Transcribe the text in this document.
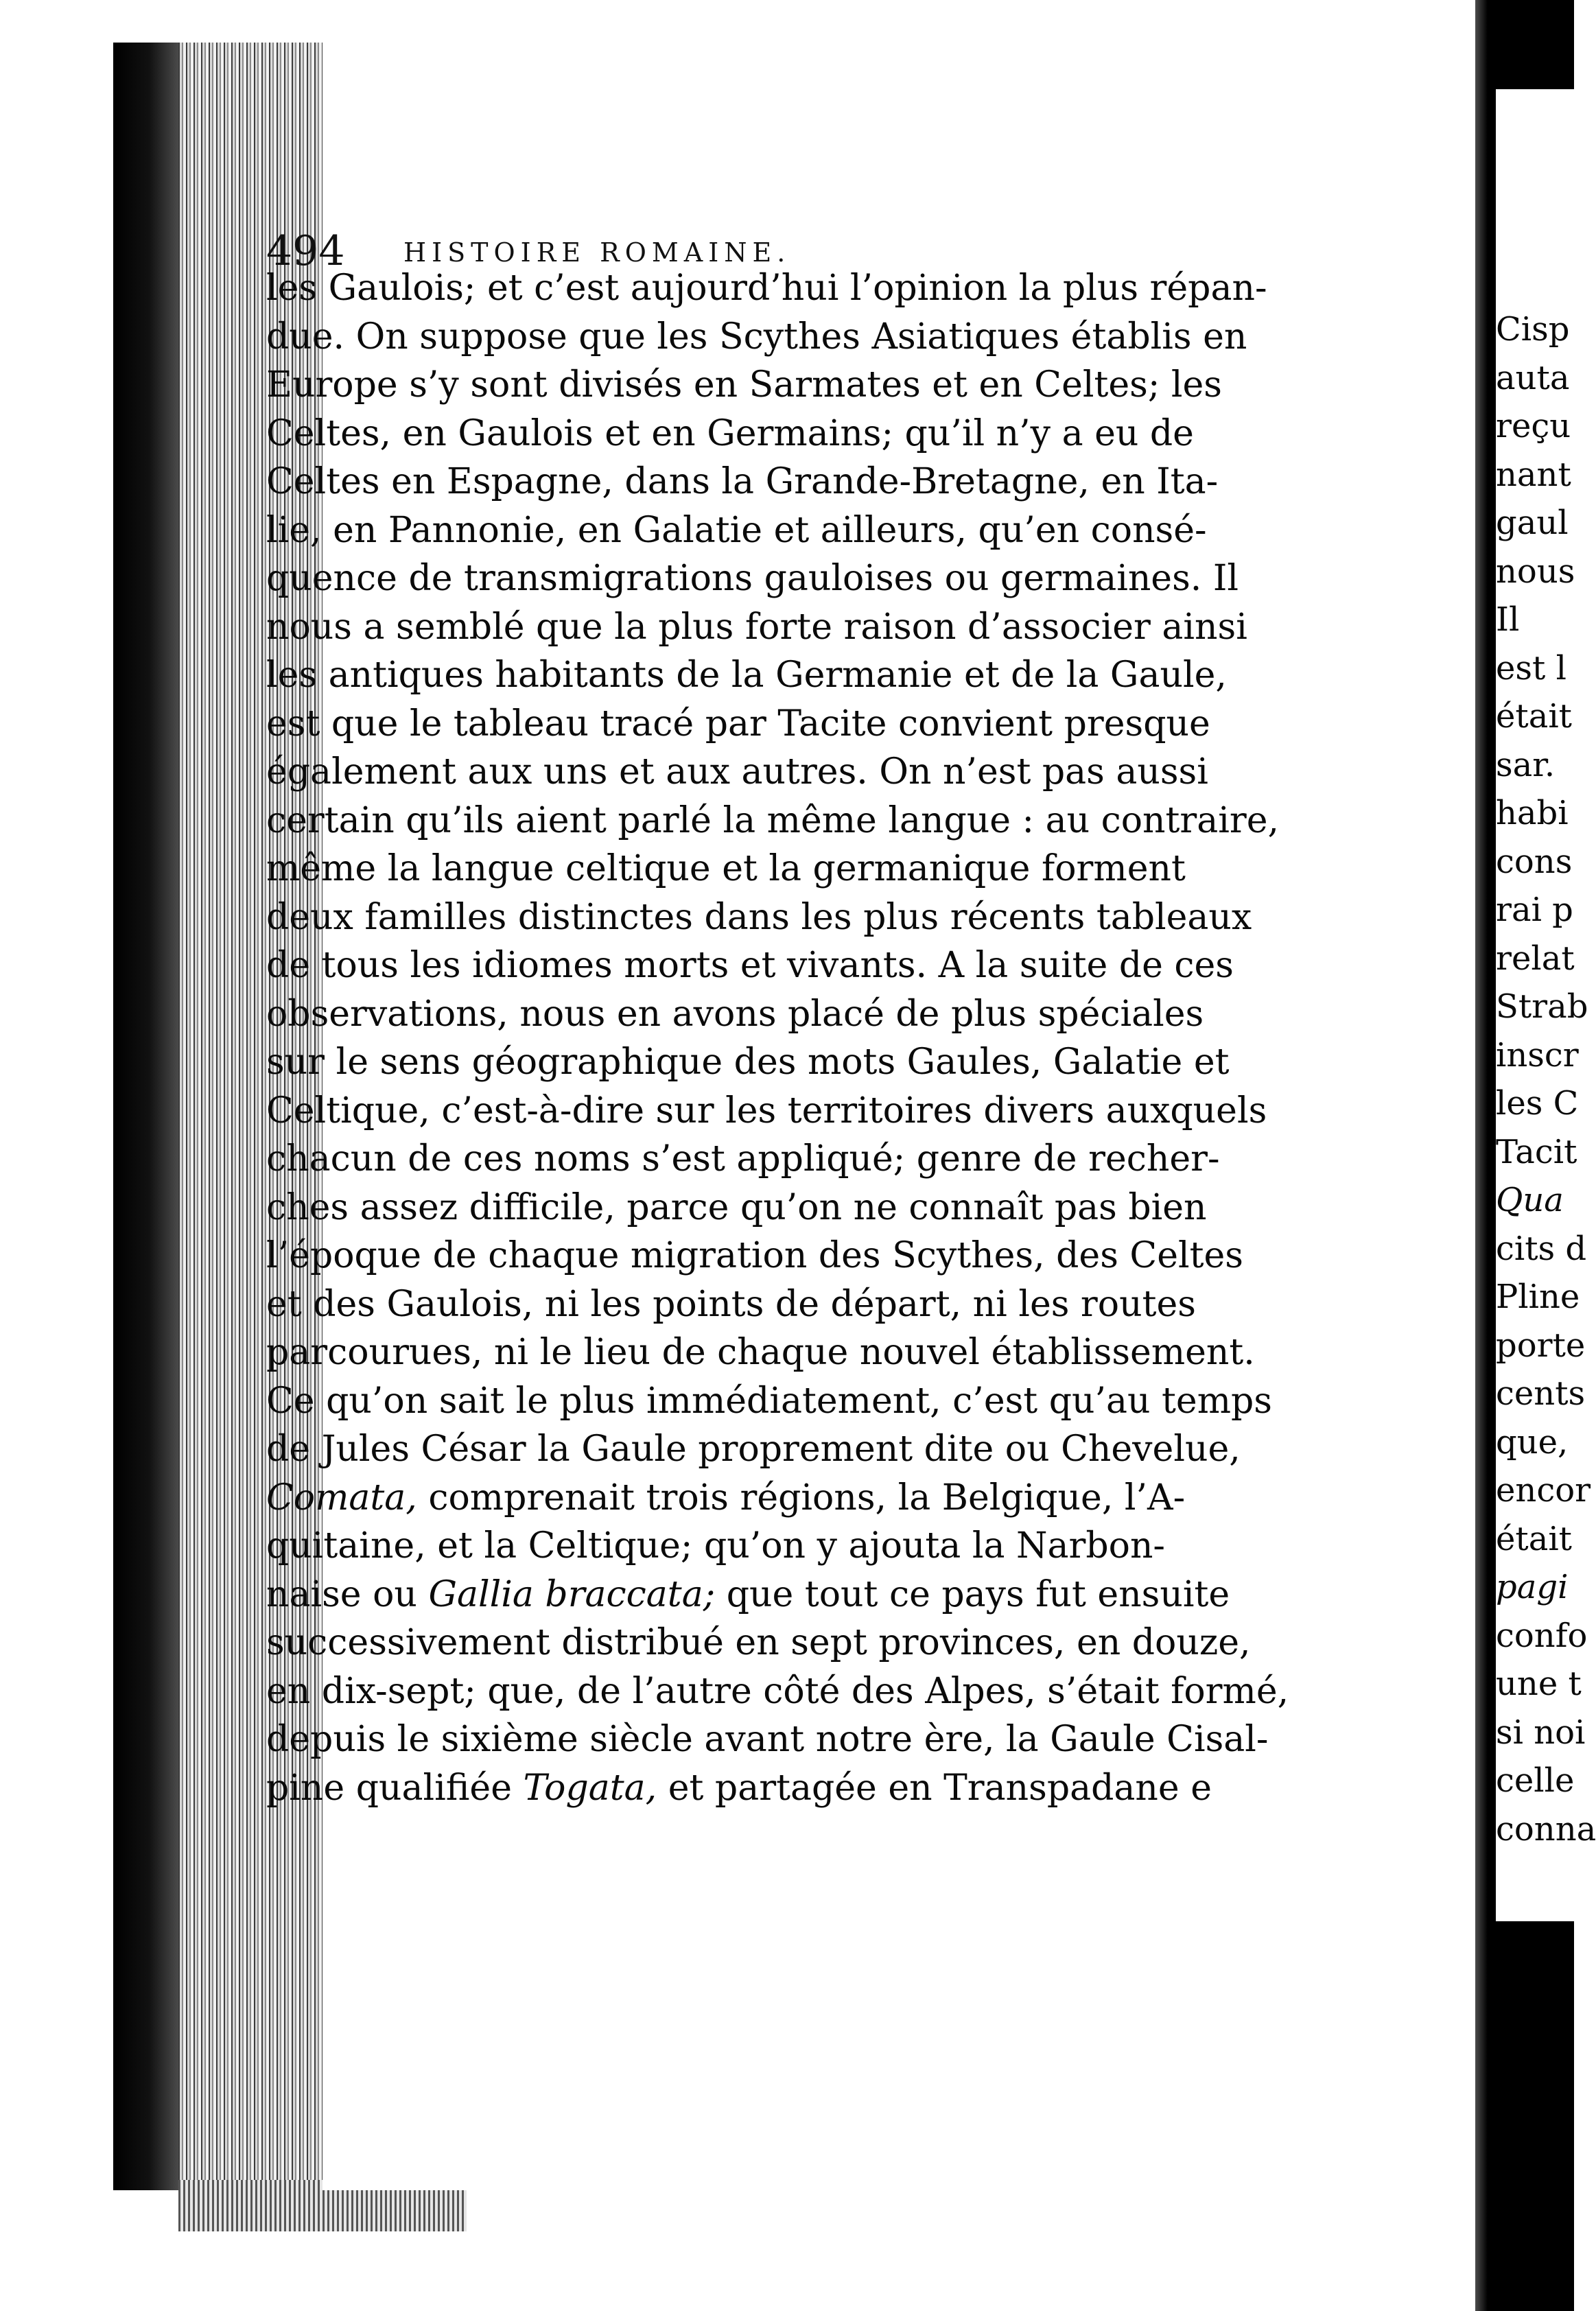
494 HISTOIRE ROMAINE.
les Gaulois; et c’est aujourd’hui l’opinion la plus répan-
due. On suppose que les Scythes Asiatiques établis en
Europe s’y sont divisés en Sarmates et en Celtes; les
Celtes, en Gaulois et en Germains; qu’il n’y a eu de
Celtes en Espagne, dans la Grande-Bretagne, en Ita-
lie, en Pannonie, en Galatie et ailleurs, qu’en consé-
quence de transmigrations gauloises ou germaines. Il
nous a semblé que la plus forte raison d’associer ainsi
les antiques habitants de la Germanie et de la Gaule,
est que le tableau tracé par Tacite convient presque
également aux uns et aux autres. On n’est pas aussi
certain qu’ils aient parlé la même langue : au contraire,
même la langue celtique et la germanique forment
deux familles distinctes dans les plus récents tableaux
de tous les idiomes morts et vivants. A la suite de ces
observations, nous en avons placé de plus spéciales
sur le sens géographique des mots Gaules, Galatie et
Celtique, c’est-à-dire sur les territoires divers auxquels
chacun de ces noms s’est appliqué; genre de recher-
ches assez difficile, parce qu’on ne connaît pas bien
l’époque de chaque migration des Scythes, des Celtes
et des Gaulois, ni les points de départ, ni les routes
parcourues, ni le lieu de chaque nouvel établissement.
Ce qu’on sait le plus immédiatement, c’est qu’au temps
de Jules César la Gaule proprement dite ou Chevelue,
Comata, comprenait trois régions, la Belgique, l’A-
quitaine, et la Celtique; qu’on y ajouta la Narbon-
naise ou Gallia braccata; que tout ce pays fut ensuite
successivement distribué en sept provinces, en douze,
en dix-sept; que, de l’autre côté des Alpes, s’était formé,
depuis le sixième siècle avant notre ère, la Gaule Cisal-
pine qualifiée Togata, et partagée en Transpadane e
Cisp
auta
reçu
nant
gaul
nous
Il
est l
était
sar.
habi
cons
rai p
relat
Strab
inscr
les C
Tacit
Qua
cits d
Pline
porte
cents
que,
encor
était
pagi
confo
une t
si noi
celle
conna
